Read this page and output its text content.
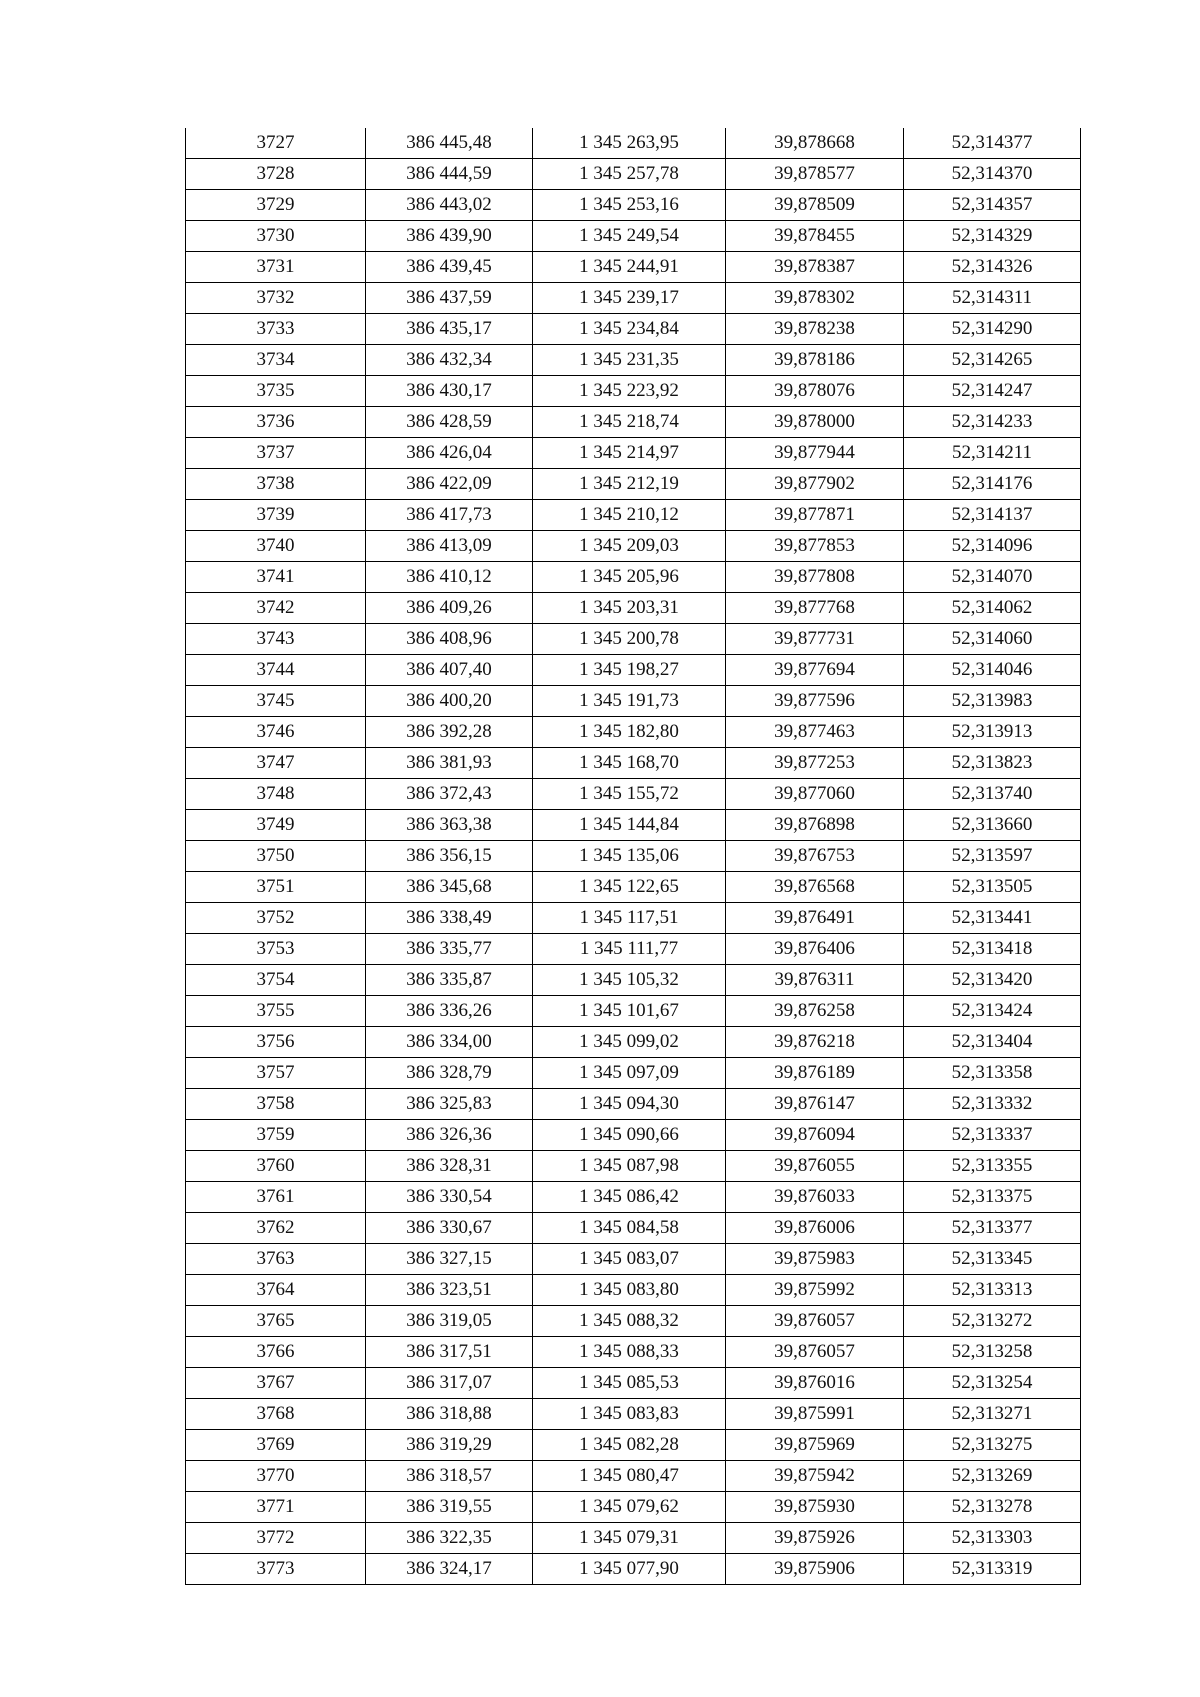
3727	386 445,48	1 345 263,95	39,878668	52,314377
3728	386 444,59	1 345 257,78	39,878577	52,314370
3729	386 443,02	1 345 253,16	39,878509	52,314357
3730	386 439,90	1 345 249,54	39,878455	52,314329
3731	386 439,45	1 345 244,91	39,878387	52,314326
3732	386 437,59	1 345 239,17	39,878302	52,314311
3733	386 435,17	1 345 234,84	39,878238	52,314290
3734	386 432,34	1 345 231,35	39,878186	52,314265
3735	386 430,17	1 345 223,92	39,878076	52,314247
3736	386 428,59	1 345 218,74	39,878000	52,314233
3737	386 426,04	1 345 214,97	39,877944	52,314211
3738	386 422,09	1 345 212,19	39,877902	52,314176
3739	386 417,73	1 345 210,12	39,877871	52,314137
3740	386 413,09	1 345 209,03	39,877853	52,314096
3741	386 410,12	1 345 205,96	39,877808	52,314070
3742	386 409,26	1 345 203,31	39,877768	52,314062
3743	386 408,96	1 345 200,78	39,877731	52,314060
3744	386 407,40	1 345 198,27	39,877694	52,314046
3745	386 400,20	1 345 191,73	39,877596	52,313983
3746	386 392,28	1 345 182,80	39,877463	52,313913
3747	386 381,93	1 345 168,70	39,877253	52,313823
3748	386 372,43	1 345 155,72	39,877060	52,313740
3749	386 363,38	1 345 144,84	39,876898	52,313660
3750	386 356,15	1 345 135,06	39,876753	52,313597
3751	386 345,68	1 345 122,65	39,876568	52,313505
3752	386 338,49	1 345 117,51	39,876491	52,313441
3753	386 335,77	1 345 111,77	39,876406	52,313418
3754	386 335,87	1 345 105,32	39,876311	52,313420
3755	386 336,26	1 345 101,67	39,876258	52,313424
3756	386 334,00	1 345 099,02	39,876218	52,313404
3757	386 328,79	1 345 097,09	39,876189	52,313358
3758	386 325,83	1 345 094,30	39,876147	52,313332
3759	386 326,36	1 345 090,66	39,876094	52,313337
3760	386 328,31	1 345 087,98	39,876055	52,313355
3761	386 330,54	1 345 086,42	39,876033	52,313375
3762	386 330,67	1 345 084,58	39,876006	52,313377
3763	386 327,15	1 345 083,07	39,875983	52,313345
3764	386 323,51	1 345 083,80	39,875992	52,313313
3765	386 319,05	1 345 088,32	39,876057	52,313272
3766	386 317,51	1 345 088,33	39,876057	52,313258
3767	386 317,07	1 345 085,53	39,876016	52,313254
3768	386 318,88	1 345 083,83	39,875991	52,313271
3769	386 319,29	1 345 082,28	39,875969	52,313275
3770	386 318,57	1 345 080,47	39,875942	52,313269
3771	386 319,55	1 345 079,62	39,875930	52,313278
3772	386 322,35	1 345 079,31	39,875926	52,313303
3773	386 324,17	1 345 077,90	39,875906	52,313319
